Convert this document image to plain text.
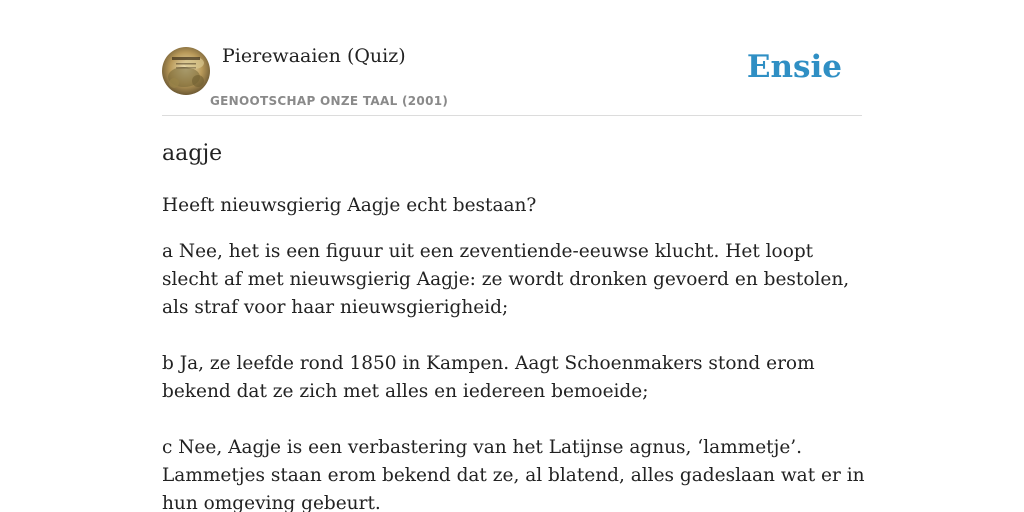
Pierewaaien (Quiz)
GENOOTSCHAP ONZE TAAL (2001)
Ensie
aagje

Heeft nieuwsgierig Aagje echt bestaan?

a Nee, het is een figuur uit een zeventiende-eeuwse klucht. Het loopt slecht af met nieuwsgierig Aagje: ze wordt dronken gevoerd en bestolen, als straf voor haar nieuwsgierigheid;

b Ja, ze leefde rond 1850 in Kampen. Aagt Schoenmakers stond erom bekend dat ze zich met alles en iedereen bemoeide;

c Nee, Aagje is een verbastering van het Latijnse agnus, ‘lammetje’. Lammetjes staan erom bekend dat ze, al blatend, alles gadeslaan wat er in hun omgeving gebeurt.
